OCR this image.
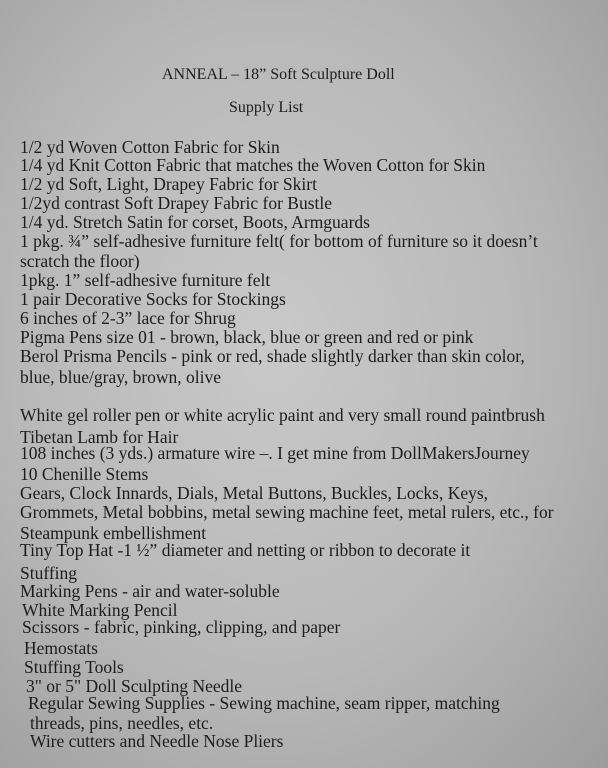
ANNEAL – 18” Soft Sculpture Doll
Supply List
1/2 yd Woven Cotton Fabric for Skin
1/4 yd Knit Cotton Fabric that matches the Woven Cotton for Skin
1/2 yd Soft, Light, Drapey Fabric for Skirt
1/2yd contrast Soft Drapey Fabric for Bustle
1/4 yd. Stretch Satin for corset, Boots, Armguards
1 pkg. ¾” self-adhesive furniture felt( for bottom of furniture so it doesn’t
scratch the floor)
1pkg. 1” self-adhesive furniture felt
1 pair Decorative Socks for Stockings
6 inches of 2-3” lace for Shrug
Pigma Pens size 01 - brown, black, blue or green and red or pink
Berol Prisma Pencils - pink or red, shade slightly darker than skin color,
blue, blue/gray, brown, olive
White gel roller pen or white acrylic paint and very small round paintbrush
Tibetan Lamb for Hair
108 inches (3 yds.) armature wire –. I get mine from DollMakersJourney
10 Chenille Stems
Gears, Clock Innards, Dials, Metal Buttons, Buckles, Locks, Keys,
Grommets, Metal bobbins, metal sewing machine feet, metal rulers, etc., for
Steampunk embellishment
Tiny Top Hat -1 ½” diameter and netting or ribbon to decorate it
Stuffing
Marking Pens - air and water-soluble
White Marking Pencil
Scissors - fabric, pinking, clipping, and paper
Hemostats
Stuffing Tools
3" or 5" Doll Sculpting Needle
Regular Sewing Supplies - Sewing machine, seam ripper, matching
threads, pins, needles, etc.
Wire cutters and Needle Nose Pliers
